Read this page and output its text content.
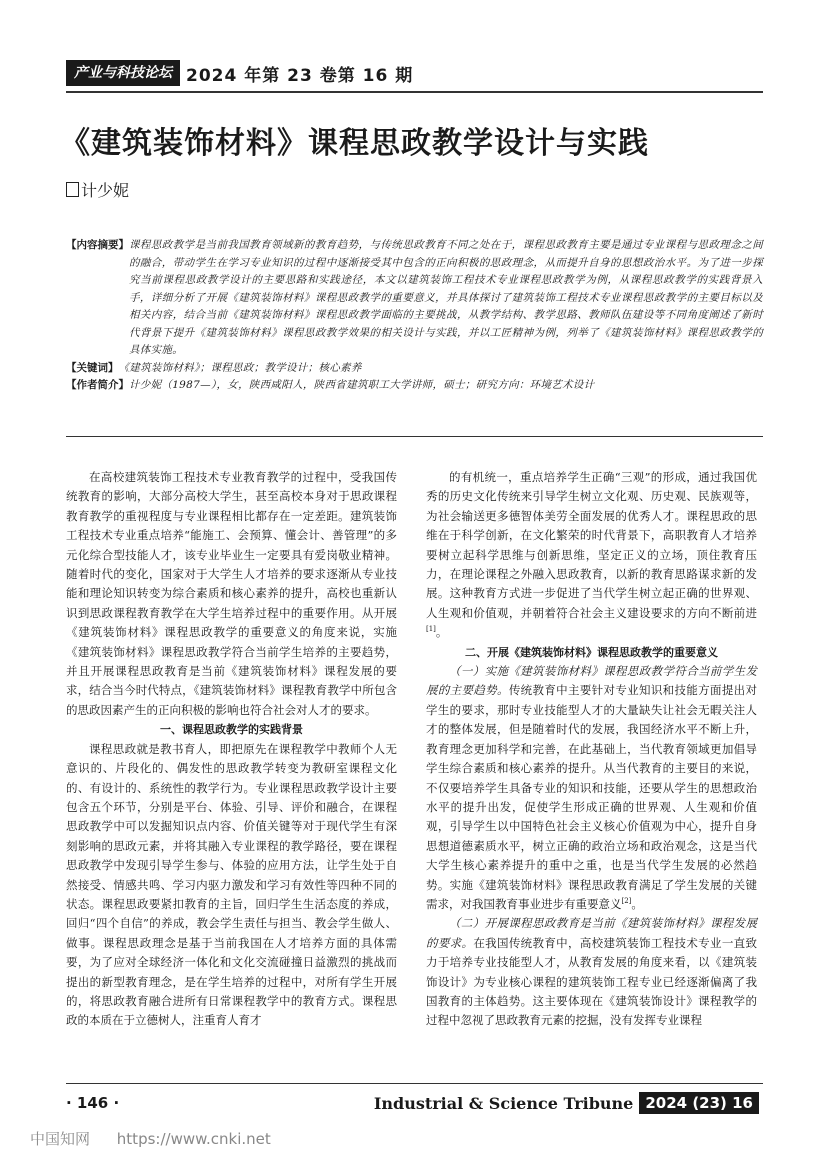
产业与科技论坛 2024 年第 23 卷第 16 期
《建筑装饰材料》课程思政教学设计与实践
计少妮
【内容摘要】 课程思政教学是当前我国教育领域新的教育趋势，与传统思政教育不同之处在于，课程思政教育主要是通过专业课程与思政理念之间的融合，带动学生在学习专业知识的过程中逐渐接受其中包含的正向积极的思政理念，从而提升自身的思想政治水平。为了进一步探究当前课程思政教学设计的主要思路和实践途径，本文以建筑装饰工程技术专业课程思政教学为例，从课程思政教学的实践背景入手，详细分析了开展《建筑装饰材料》课程思政教学的重要意义，并具体探讨了建筑装饰工程技术专业课程思政教学的主要目标以及相关内容，结合当前《建筑装饰材料》课程思政教学面临的主要挑战，从教学结构、教学思路、教师队伍建设等不同角度阐述了新时代背景下提升《建筑装饰材料》课程思政教学效果的相关设计与实践，并以工匠精神为例，列举了《建筑装饰材料》课程思政教学的具体实施。
【关键词】 《建筑装饰材料》；课程思政；教学设计；核心素养
【作者简介】 计少妮（1987—），女，陕西咸阳人，陕西省建筑职工大学讲师，硕士；研究方向：环境艺术设计

在高校建筑装饰工程技术专业教育教学的过程中，受我国传统教育的影响，大部分高校大学生，甚至高校本身对于思政课程教育教学的重视程度与专业课程相比都存在一定差距。建筑装饰工程技术专业重点培养“能施工、会预算、懂会计、善管理”的多元化综合型技能人才，该专业毕业生一定要具有爱岗敬业精神。随着时代的变化，国家对于大学生人才培养的要求逐渐从专业技能和理论知识转变为综合素质和核心素养的提升，高校也重新认识到思政课程教育教学在大学生培养过程中的重要作用。从开展《建筑装饰材料》课程思政教学的重要意义的角度来说，实施《建筑装饰材料》课程思政教学符合当前学生培养的主要趋势，并且开展课程思政教育是当前《建筑装饰材料》课程发展的要求，结合当今时代特点，《建筑装饰材料》课程教育教学中所包含的思政因素产生的正向积极的影响也符合社会对人才的要求。

一、课程思政教学的实践背景

课程思政就是教书育人，即把原先在课程教学中教师个人无意识的、片段化的、偶发性的思政教学转变为教研室课程文化的、有设计的、系统性的教学行为。专业课程思政教学设计主要包含五个环节，分别是平台、体验、引导、评价和融合，在课程思政教学中可以发掘知识点内容、价值关键等对于现代学生有深刻影响的思政元素，并将其融入专业课程的教学路径，要在课程思政教学中发现引导学生参与、体验的应用方法，让学生处于自然接受、情感共鸣、学习内驱力激发和学习有效性等四种不同的状态。课程思政要紧扣教育的主旨，回归学生生活态度的养成，回归“四个自信”的养成，教会学生责任与担当、教会学生做人、做事。课程思政理念是基于当前我国在人才培养方面的具体需要，为了应对全球经济一体化和文化交流碰撞日益激烈的挑战而提出的新型教育理念，是在学生培养的过程中，对所有学生开展的，将思政教育融合进所有日常课程教学中的教育方式。课程思政的本质在于立德树人，注重育人育才

的有机统一，重点培养学生正确“三观”的形成，通过我国优秀的历史文化传统来引导学生树立文化观、历史观、民族观等，为社会输送更多德智体美劳全面发展的优秀人才。课程思政的思维在于科学创新，在文化繁荣的时代背景下，高职教育人才培养要树立起科学思维与创新思维，坚定正义的立场，顶住教育压力，在理论课程之外融入思政教育，以新的教育思路谋求新的发展。这种教育方式进一步促进了当代学生树立起正确的世界观、人生观和价值观，并朝着符合社会主义建设要求的方向不断前进[1]。

二、开展《建筑装饰材料》课程思政教学的重要意义

（一）实施《建筑装饰材料》课程思政教学符合当前学生发展的主要趋势。传统教育中主要针对专业知识和技能方面提出对学生的要求，那时专业技能型人才的大量缺失让社会无暇关注人才的整体发展，但是随着时代的发展，我国经济水平不断上升，教育理念更加科学和完善，在此基础上，当代教育领域更加倡导学生综合素质和核心素养的提升。从当代教育的主要目的来说，不仅要培养学生具备专业的知识和技能，还要从学生的思想政治水平的提升出发，促使学生形成正确的世界观、人生观和价值观，引导学生以中国特色社会主义核心价值观为中心，提升自身思想道德素质水平，树立正确的政治立场和政治观念，这是当代大学生核心素养提升的重中之重，也是当代学生发展的必然趋势。实施《建筑装饰材料》课程思政教育满足了学生发展的关键需求，对我国教育事业进步有重要意义[2]。

（二）开展课程思政教育是当前《建筑装饰材料》课程发展的要求。在我国传统教育中，高校建筑装饰工程技术专业一直致力于培养专业技能型人才，从教育发展的角度来看，以《建筑装饰设计》为专业核心课程的建筑装饰工程专业已经逐渐偏离了我国教育的主体趋势。这主要体现在《建筑装饰设计》课程教学的过程中忽视了思政教育元素的挖掘，没有发挥专业课程

· 146 ·	Industrial & Science Tribune 2024 (23) 16
中国知网 https://www.cnki.net
